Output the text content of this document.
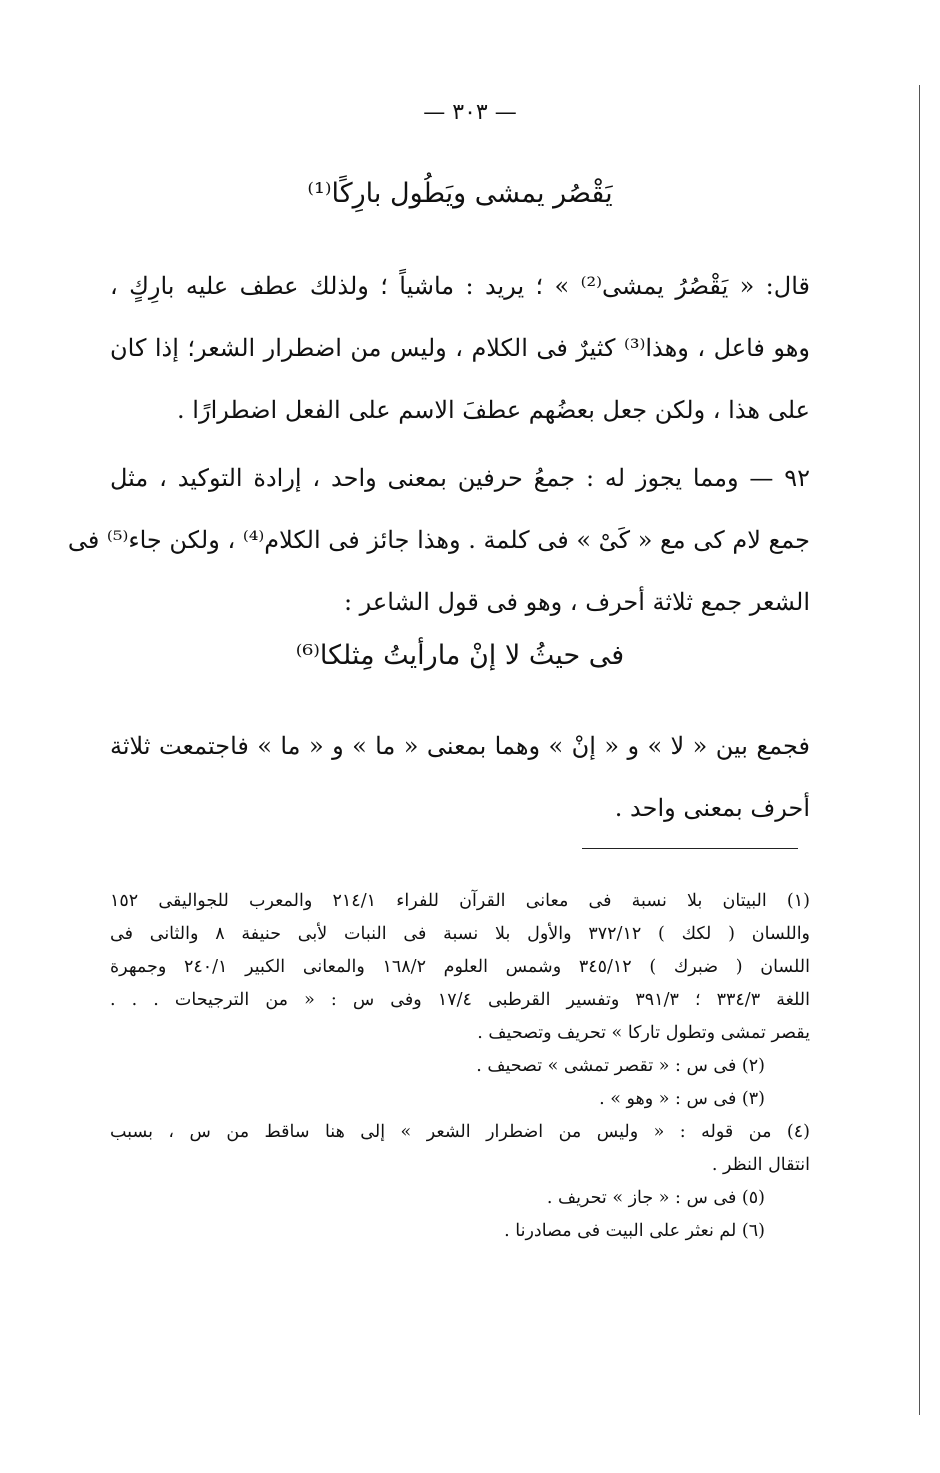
— ٣٠٣ —
يَقْصُر يمشى ويَطُول بارِكًا⁽¹⁾
قال: « يَقْصُرُ يمشى⁽²⁾ » ؛ يريد : ماشياً ؛ ولذلك عطف عليه بارِكٍ ،
وهو فاعل ، وهذا⁽³⁾ كثيرٌ فى الكلام ، وليس من اضطرار الشعر؛ إذا كان
على هذا ، ولكن جعل بعضُهم عطفَ الاسم على الفعل اضطرارًا .
٩٢ — ومما يجوز له : جمعُ حرفين بمعنى واحد ، إرادة التوكيد ، مثل
جمع لام كى مع « كَىْ » فى كلمة . وهذا جائز فى الكلام⁽⁴⁾ ، ولكن جاء⁽⁵⁾ فى
الشعر جمع ثلاثة أحرف ، وهو فى قول الشاعر :
فى حيثُ لا إنْ مارأيتُ مِثلكا⁽⁶⁾
فجمع بين « لا » و « إنْ » وهما بمعنى « ما » و « ما » فاجتمعت ثلاثة
أحرف بمعنى واحد .
(١) البيتان بلا نسبة فى معانى القرآن للفراء ٢١٤/١ والمعرب للجواليقى ١٥٢
واللسان ( لكك ) ٣٧٢/١٢ والأول بلا نسبة فى النبات لأبى حنيفة ٨ والثانى فى
اللسان ( ضبرك ) ٣٤٥/١٢ وشمس العلوم ١٦٨/٢ والمعانى الكبير ٢٤٠/١ وجمهرة
اللغة ٣٣٤/٣ ؛ ٣٩١/٣ وتفسير القرطبى ١٧/٤ وفى س : « من الترجيحات . . .
يقصر تمشى وتطول تاركا » تحريف وتصحيف .
(٢) فى س : « تقصر تمشى » تصحيف .
(٣) فى س : « وهو » .
(٤) من قوله : « وليس من اضطرار الشعر » إلى هنا ساقط من س ، بسبب
انتقال النظر .
(٥) فى س : « جاز » تحريف .
(٦) لم نعثر على البيت فى مصادرنا .
